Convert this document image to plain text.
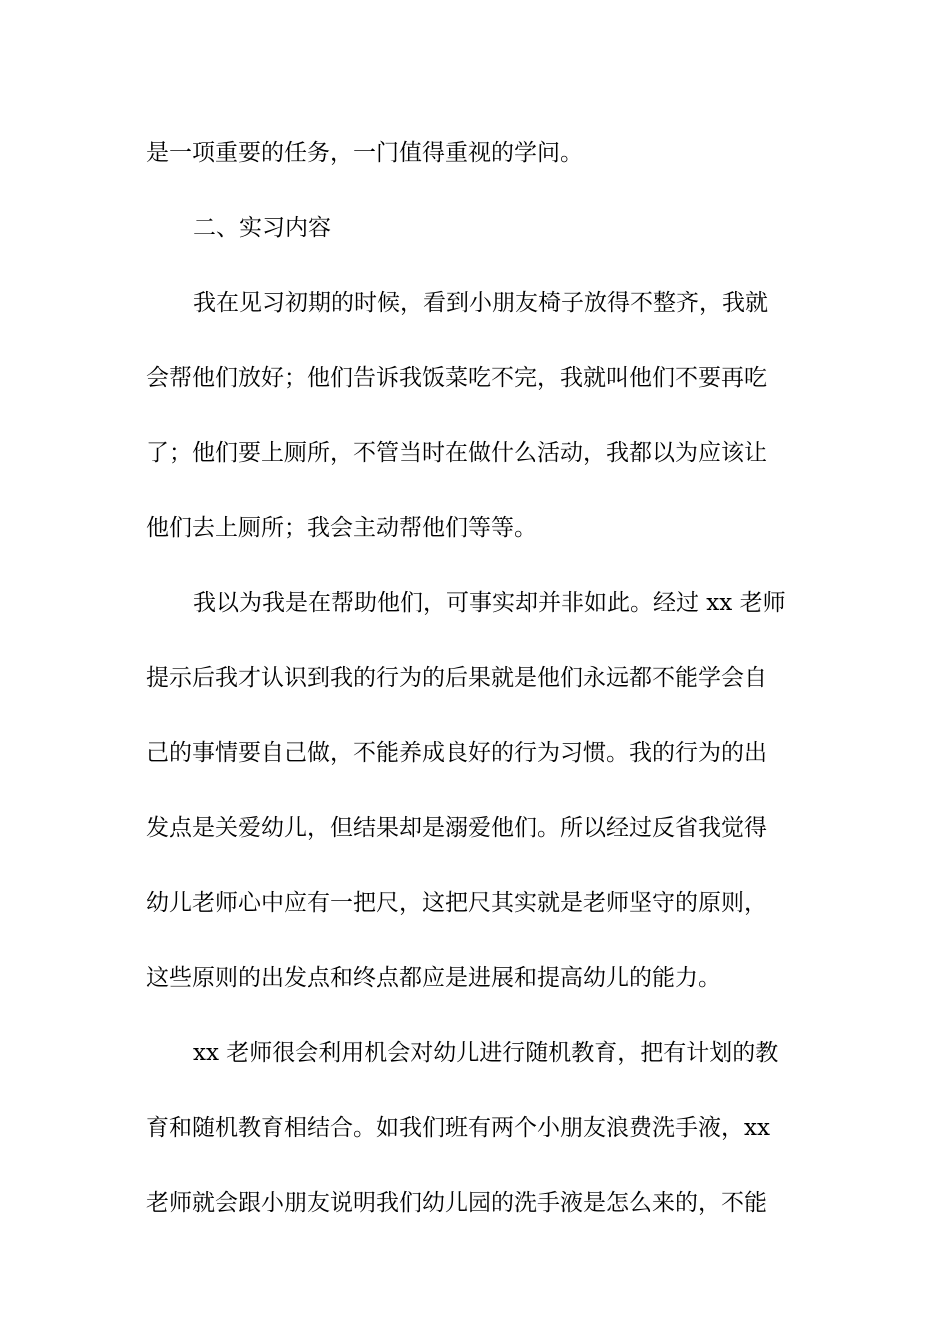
是一项重要的任务，一门值得重视的学问。
二、实习内容
我在见习初期的时候，看到小朋友椅子放得不整齐，我就
会帮他们放好；他们告诉我饭菜吃不完，我就叫他们不要再吃
了；他们要上厕所，不管当时在做什么活动，我都以为应该让
他们去上厕所；我会主动帮他们等等。
我以为我是在帮助他们，可事实却并非如此。经过 xx 老师
提示后我才认识到我的行为的后果就是他们永远都不能学会自
己的事情要自己做，不能养成良好的行为习惯。我的行为的出
发点是关爱幼儿，但结果却是溺爱他们。所以经过反省我觉得
幼儿老师心中应有一把尺，这把尺其实就是老师坚守的原则，
这些原则的出发点和终点都应是进展和提高幼儿的能力。
xx 老师很会利用机会对幼儿进行随机教育，把有计划的教
育和随机教育相结合。如我们班有两个小朋友浪费洗手液，xx
老师就会跟小朋友说明我们幼儿园的洗手液是怎么来的，不能
